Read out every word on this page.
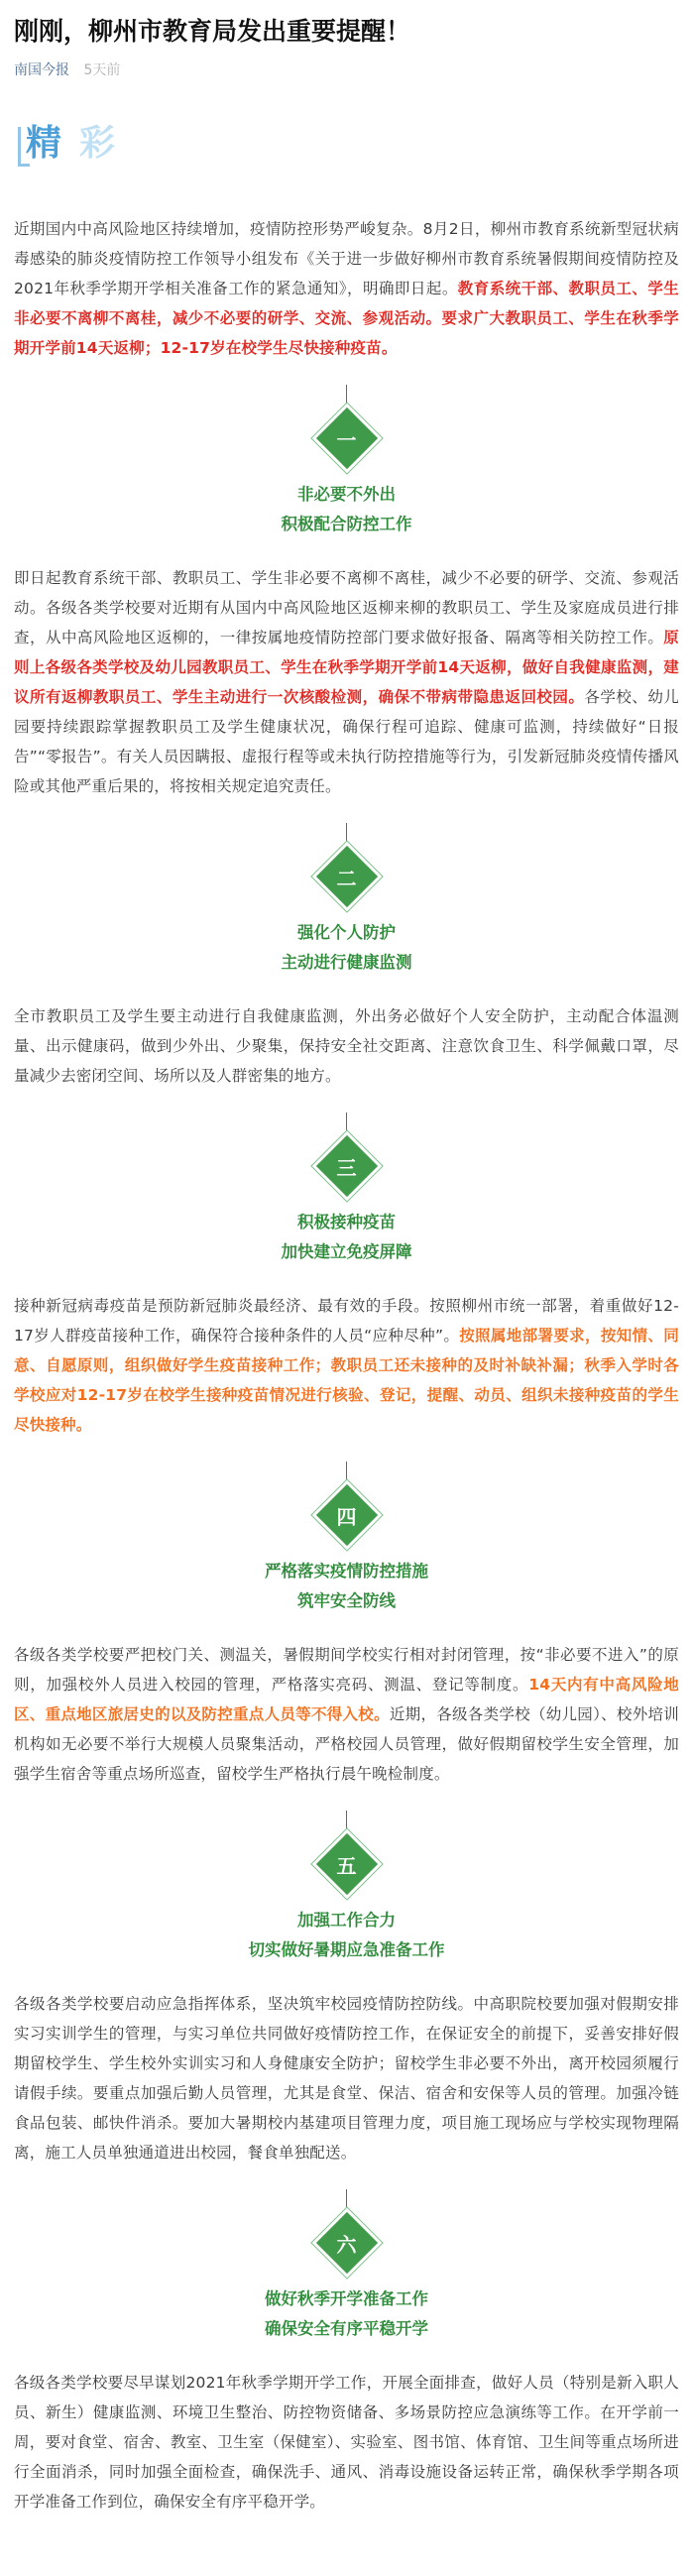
刚刚，柳州市教育局发出重要提醒！
南国今报 5天前
精 彩

近期国内中高风险地区持续增加，疫情防控形势严峻复杂。8月2日，柳州市教育系统新型冠状病毒感染的肺炎疫情防控工作领导小组发布《关于进一步做好柳州市教育系统暑假期间疫情防控及2021年秋季学期开学相关准备工作的紧急通知》，明确即日起。教育系统干部、教职员工、学生非必要不离柳不离桂，减少不必要的研学、交流、参观活动。要求广大教职员工、学生在秋季学期开学前14天返柳；12-17岁在校学生尽快接种疫苗。

一
非必要不外出
积极配合防控工作

即日起教育系统干部、教职员工、学生非必要不离柳不离桂，减少不必要的研学、交流、参观活动。各级各类学校要对近期有从国内中高风险地区返柳来柳的教职员工、学生及家庭成员进行排查，从中高风险地区返柳的，一律按属地疫情防控部门要求做好报备、隔离等相关防控工作。原则上各级各类学校及幼儿园教职员工、学生在秋季学期开学前14天返柳，做好自我健康监测，建议所有返柳教职员工、学生主动进行一次核酸检测，确保不带病带隐患返回校园。各学校、幼儿园要持续跟踪掌握教职员工及学生健康状况，确保行程可追踪、健康可监测，持续做好“日报告”“零报告”。有关人员因瞒报、虚报行程等或未执行防控措施等行为，引发新冠肺炎疫情传播风险或其他严重后果的，将按相关规定追究责任。

二
强化个人防护
主动进行健康监测

全市教职员工及学生要主动进行自我健康监测，外出务必做好个人安全防护，主动配合体温测量、出示健康码，做到少外出、少聚集，保持安全社交距离、注意饮食卫生、科学佩戴口罩，尽量减少去密闭空间、场所以及人群密集的地方。

三
积极接种疫苗
加快建立免疫屏障

接种新冠病毒疫苗是预防新冠肺炎最经济、最有效的手段。按照柳州市统一部署，着重做好12-17岁人群疫苗接种工作，确保符合接种条件的人员“应种尽种”。按照属地部署要求，按知情、同意、自愿原则，组织做好学生疫苗接种工作；教职员工还未接种的及时补缺补漏；秋季入学时各学校应对12-17岁在校学生接种疫苗情况进行核验、登记，提醒、动员、组织未接种疫苗的学生尽快接种。

四
严格落实疫情防控措施
筑牢安全防线

各级各类学校要严把校门关、测温关，暑假期间学校实行相对封闭管理，按“非必要不进入”的原则，加强校外人员进入校园的管理，严格落实亮码、测温、登记等制度。14天内有中高风险地区、重点地区旅居史的以及防控重点人员等不得入校。近期，各级各类学校（幼儿园）、校外培训机构如无必要不举行大规模人员聚集活动，严格校园人员管理，做好假期留校学生安全管理，加强学生宿舍等重点场所巡查，留校学生严格执行晨午晚检制度。

五
加强工作合力
切实做好暑期应急准备工作

各级各类学校要启动应急指挥体系，坚决筑牢校园疫情防控防线。中高职院校要加强对假期安排实习实训学生的管理，与实习单位共同做好疫情防控工作，在保证安全的前提下，妥善安排好假期留校学生、学生校外实训实习和人身健康安全防护；留校学生非必要不外出，离开校园须履行请假手续。要重点加强后勤人员管理，尤其是食堂、保洁、宿舍和安保等人员的管理。加强冷链食品包装、邮快件消杀。要加大暑期校内基建项目管理力度，项目施工现场应与学校实现物理隔离，施工人员单独通道进出校园，餐食单独配送。

六
做好秋季开学准备工作
确保安全有序平稳开学

各级各类学校要尽早谋划2021年秋季学期开学工作，开展全面排查，做好人员（特别是新入职人员、新生）健康监测、环境卫生整治、防控物资储备、多场景防控应急演练等工作。在开学前一周，要对食堂、宿舍、教室、卫生室（保健室）、实验室、图书馆、体育馆、卫生间等重点场所进行全面消杀，同时加强全面检查，确保洗手、通风、消毒设施设备运转正常，确保秋季学期各项开学准备工作到位，确保安全有序平稳开学。
